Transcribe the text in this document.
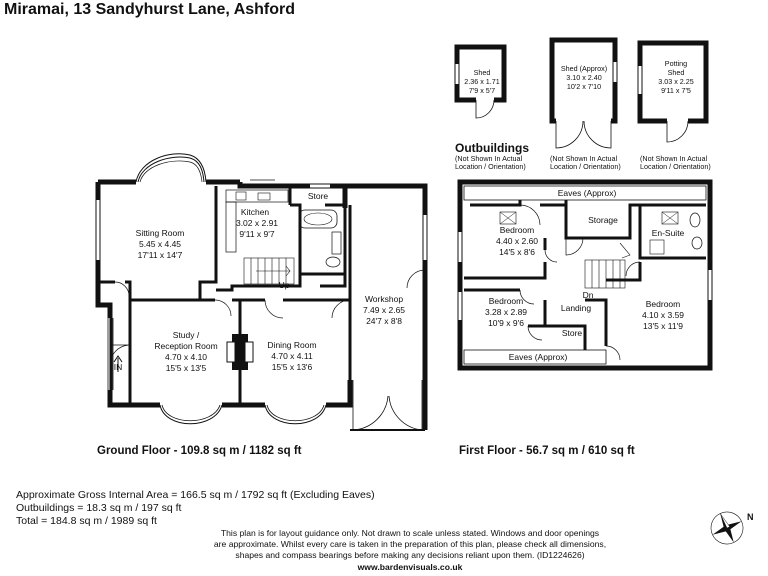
Miramai, 13 Sandyhurst Lane, Ashford
Shed
2.36 x 1.71
7'9 x 5'7
Shed (Approx)
3.10 x 2.40
10'2 x 7'10
Potting
Shed
3.03 x 2.25
9'11 x 7'5
Outbuildings
(Not Shown In Actual
Location / Orientation)
(Not Shown In Actual
Location / Orientation)
(Not Shown In Actual
Location / Orientation)
Sitting Room
5.45 x 4.45
17'11 x 14'7
Kitchen
3.02 x 2.91
9'11 x 9'7
Store
Up
Study /
Reception Room
4.70 x 4.10
15'5 x 13'5
Dining Room
4.70 x 4.11
15'5 x 13'6
Workshop
7.49 x 2.65
24'7 x 8'8
IN
Ground Floor - 109.8 sq m / 1182 sq ft
Eaves (Approx)
Eaves (Approx)
Bedroom
4.40 x 2.60
14'5 x 8'6
Storage
En-Suite
Dn
Landing
Bedroom
3.28 x 2.89
10'9 x 9'6
Bedroom
4.10 x 3.59
13'5 x 11'9
Store
First Floor - 56.7 sq m / 610 sq ft
N
Approximate Gross Internal Area = 166.5 sq m / 1792 sq ft (Excluding Eaves)
Outbuildings = 18.3 sq m / 197 sq ft
Total = 184.8 sq m / 1989 sq ft
This plan is for layout guidance only. Not drawn to scale unless stated. Windows and door openings
are approximate. Whilst every care is taken in the preparation of this plan, please check all dimensions,
shapes and compass bearings before making any decisions reliant upon them. (ID1224626)
www.bardenvisuals.co.uk
